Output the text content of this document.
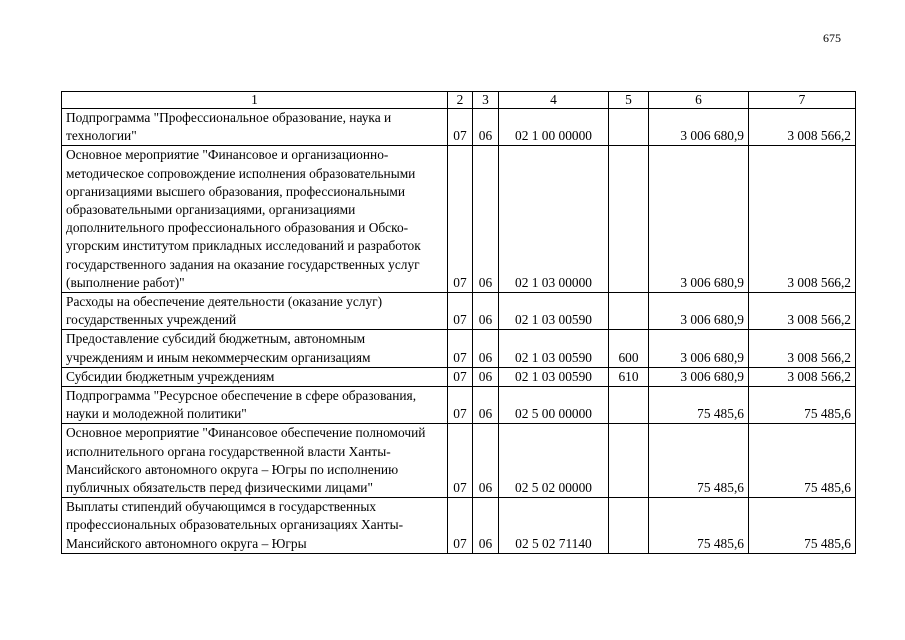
675
1	2	3	4	5	6	7
Подпрограмма "Профессиональное образование, наука и технологии"	07	06	02 1 00 00000		3 006 680,9	3 008 566,2
Основное мероприятие "Финансовое и организационно-методическое сопровождение исполнения образовательными организациями высшего образования, профессиональными образовательными организациями, организациями дополнительного профессионального образования и Обско-угорским институтом прикладных исследований и разработок государственного задания на оказание государственных услуг (выполнение работ)"	07	06	02 1 03 00000		3 006 680,9	3 008 566,2
Расходы на обеспечение деятельности (оказание услуг) государственных учреждений	07	06	02 1 03 00590		3 006 680,9	3 008 566,2
Предоставление субсидий бюджетным, автономным учреждениям и иным некоммерческим организациям	07	06	02 1 03 00590	600	3 006 680,9	3 008 566,2
Субсидии бюджетным учреждениям	07	06	02 1 03 00590	610	3 006 680,9	3 008 566,2
Подпрограмма "Ресурсное обеспечение в сфере образования, науки и молодежной политики"	07	06	02 5 00 00000		75 485,6	75 485,6
Основное мероприятие "Финансовое обеспечение полномочий исполнительного органа государственной власти Ханты-Мансийского автономного округа – Югры по исполнению публичных обязательств перед физическими лицами"	07	06	02 5 02 00000		75 485,6	75 485,6
Выплаты стипендий обучающимся в государственных профессиональных образовательных организациях Ханты-Мансийского автономного округа – Югры	07	06	02 5 02 71140		75 485,6	75 485,6
